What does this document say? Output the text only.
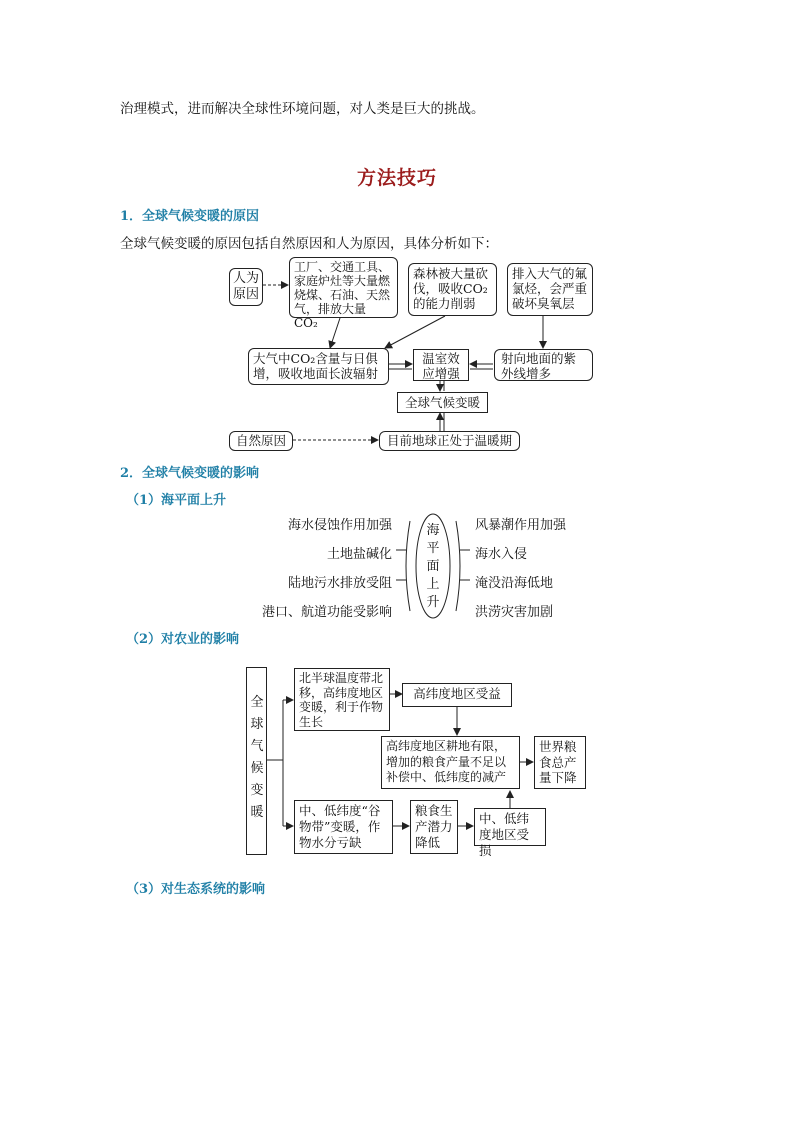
治理模式，进而解决全球性环境问题，对人类是巨大的挑战。
方法技巧
1．全球气候变暖的原因
全球气候变暖的原因包括自然原因和人为原因，具体分析如下：
人为原因
工厂、交通工具、家庭炉灶等大量燃烧煤、石油、天然气，排放大量 CO₂
森林被大量砍伐，吸收CO₂的能力削弱
排入大气的氟氯烃，会严重破坏臭氧层
大气中CO₂含量与日俱增，吸收地面长波辐射
温室效应增强
射向地面的紫外线增多
全球气候变暖
自然原因	目前地球正处于温暖期
2．全球气候变暖的影响
（1）海平面上升
海水侵蚀作用加强
土地盐碱化
陆地污水排放受阻
港口、航道功能受影响
风暴潮作用加强
海水入侵
淹没沿海低地
洪涝灾害加剧
海
平
面
上
升
（2）对农业的影响
全
球
气
候
变
暖
北半球温度带北移，高纬度地区变暖，利于作物生长
高纬度地区受益
高纬度地区耕地有限，增加的粮食产量不足以补偿中、低纬度的减产
世界粮食总产量下降
中、低纬度“谷物带”变暖，作物水分亏缺
粮食生产潜力降低
中、低纬度地区受损
（3）对生态系统的影响
